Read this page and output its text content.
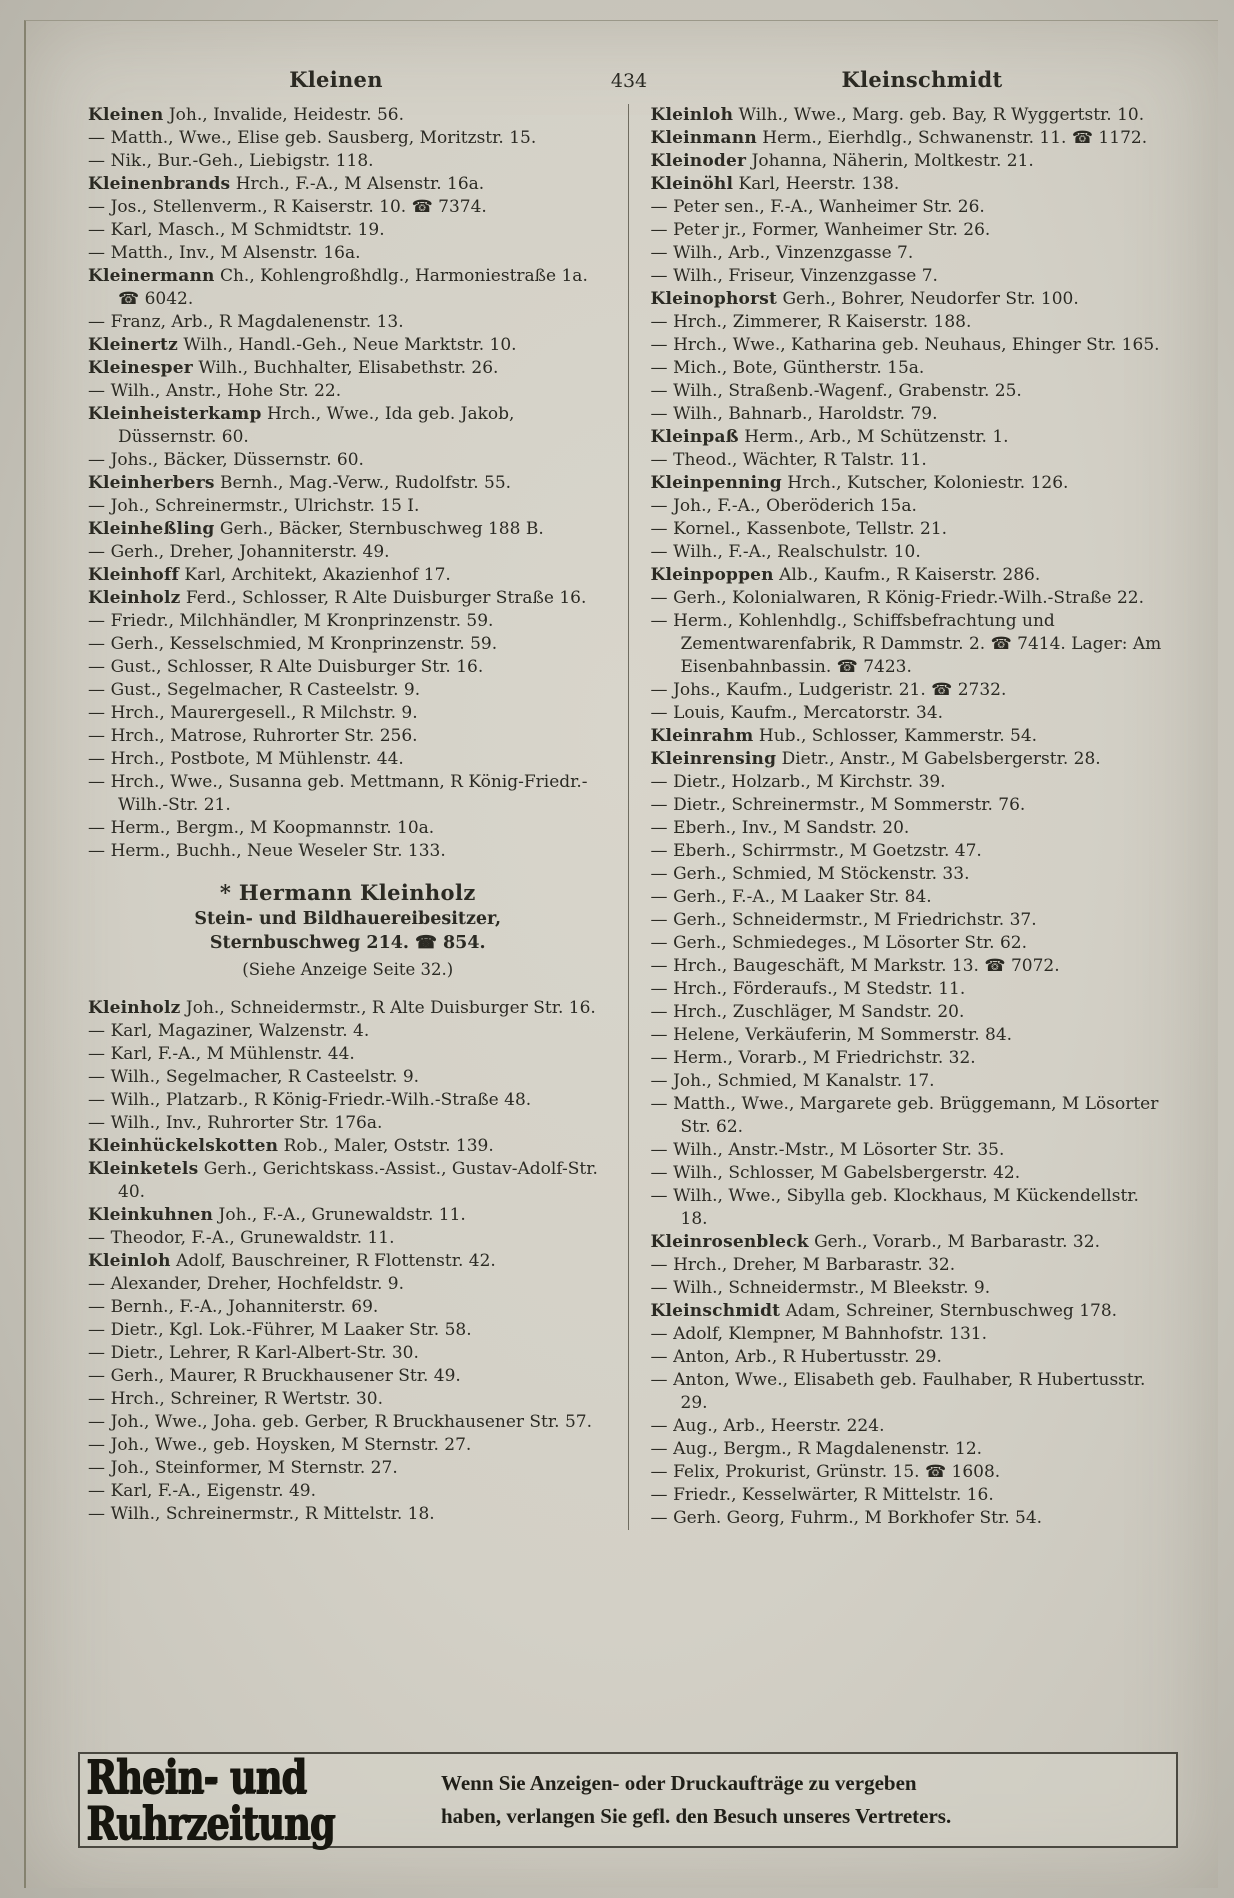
Kleinen	434	Kleinschmidt
Kleinen Joh., Invalide, Heidestr. 56.
— Matth., Wwe., Elise geb. Sausberg, Moritzstr. 15.
— Nik., Bur.-Geh., Liebigstr. 118.
Kleinenbrands Hrch., F.-A., M Alsenstr. 16a.
— Jos., Stellenverm., R Kaiserstr. 10. ☎ 7374.
— Karl, Masch., M Schmidtstr. 19.
— Matth., Inv., M Alsenstr. 16a.
Kleinermann Ch., Kohlengroßhdlg., Harmoniestraße 1a. ☎ 6042.
— Franz, Arb., R Magdalenenstr. 13.
Kleinertz Wilh., Handl.-Geh., Neue Marktstr. 10.
Kleinesper Wilh., Buchhalter, Elisabethstr. 26.
— Wilh., Anstr., Hohe Str. 22.
Kleinheisterkamp Hrch., Wwe., Ida geb. Jakob, Düssernstr. 60.
— Johs., Bäcker, Düssernstr. 60.
Kleinherbers Bernh., Mag.-Verw., Rudolfstr. 55.
— Joh., Schreinermstr., Ulrichstr. 15 I.
Kleinheßling Gerh., Bäcker, Sternbuschweg 188 B.
— Gerh., Dreher, Johanniterstr. 49.
Kleinhoff Karl, Architekt, Akazienhof 17.
Kleinholz Ferd., Schlosser, R Alte Duisburger Straße 16.
— Friedr., Milchhändler, M Kronprinzenstr. 59.
— Gerh., Kesselschmied, M Kronprinzenstr. 59.
— Gust., Schlosser, R Alte Duisburger Str. 16.
— Gust., Segelmacher, R Casteelstr. 9.
— Hrch., Maurergesell., R Milchstr. 9.
— Hrch., Matrose, Ruhrorter Str. 256.
— Hrch., Postbote, M Mühlenstr. 44.
— Hrch., Wwe., Susanna geb. Mettmann, R König-Friedr.-Wilh.-Str. 21.
— Herm., Bergm., M Koopmannstr. 10a.
— Herm., Buchh., Neue Weseler Str. 133.
* Hermann Kleinholz
Stein- und Bildhauereibesitzer,
Sternbuschweg 214. ☎ 854.
(Siehe Anzeige Seite 32.)
Kleinholz Joh., Schneidermstr., R Alte Duisburger Str. 16.
— Karl, Magaziner, Walzenstr. 4.
— Karl, F.-A., M Mühlenstr. 44.
— Wilh., Segelmacher, R Casteelstr. 9.
— Wilh., Platzarb., R König-Friedr.-Wilh.-Straße 48.
— Wilh., Inv., Ruhrorter Str. 176a.
Kleinhückelskotten Rob., Maler, Oststr. 139.
Kleinketels Gerh., Gerichtskass.-Assist., Gustav-Adolf-Str. 40.
Kleinkuhnen Joh., F.-A., Grunewaldstr. 11.
— Theodor, F.-A., Grunewaldstr. 11.
Kleinloh Adolf, Bauschreiner, R Flottenstr. 42.
— Alexander, Dreher, Hochfeldstr. 9.
— Bernh., F.-A., Johanniterstr. 69.
— Dietr., Kgl. Lok.-Führer, M Laaker Str. 58.
— Dietr., Lehrer, R Karl-Albert-Str. 30.
— Gerh., Maurer, R Bruckhausener Str. 49.
— Hrch., Schreiner, R Wertstr. 30.
— Joh., Wwe., Joha. geb. Gerber, R Bruckhausener Str. 57.
— Joh., Wwe., geb. Hoysken, M Sternstr. 27.
— Joh., Steinformer, M Sternstr. 27.
— Karl, F.-A., Eigenstr. 49.
— Wilh., Schreinermstr., R Mittelstr. 18.
Kleinloh Wilh., Wwe., Marg. geb. Bay, R Wyggertstr. 10.
Kleinmann Herm., Eierhdlg., Schwanenstr. 11. ☎ 1172.
Kleinoder Johanna, Näherin, Moltkestr. 21.
Kleinöhl Karl, Heerstr. 138.
— Peter sen., F.-A., Wanheimer Str. 26.
— Peter jr., Former, Wanheimer Str. 26.
— Wilh., Arb., Vinzenzgasse 7.
— Wilh., Friseur, Vinzenzgasse 7.
Kleinophorst Gerh., Bohrer, Neudorfer Str. 100.
— Hrch., Zimmerer, R Kaiserstr. 188.
— Hrch., Wwe., Katharina geb. Neuhaus, Ehinger Str. 165.
— Mich., Bote, Güntherstr. 15a.
— Wilh., Straßenb.-Wagenf., Grabenstr. 25.
— Wilh., Bahnarb., Haroldstr. 79.
Kleinpaß Herm., Arb., M Schützenstr. 1.
— Theod., Wächter, R Talstr. 11.
Kleinpenning Hrch., Kutscher, Koloniestr. 126.
— Joh., F.-A., Oberöderich 15a.
— Kornel., Kassenbote, Tellstr. 21.
— Wilh., F.-A., Realschulstr. 10.
Kleinpoppen Alb., Kaufm., R Kaiserstr. 286.
— Gerh., Kolonialwaren, R König-Friedr.-Wilh.-Straße 22.
— Herm., Kohlenhdlg., Schiffsbefrachtung und Zementwarenfabrik, R Dammstr. 2. ☎ 7414. Lager: Am Eisenbahnbassin. ☎ 7423.
— Johs., Kaufm., Ludgeristr. 21. ☎ 2732.
— Louis, Kaufm., Mercatorstr. 34.
Kleinrahm Hub., Schlosser, Kammerstr. 54.
Kleinrensing Dietr., Anstr., M Gabelsbergerstr. 28.
— Dietr., Holzarb., M Kirchstr. 39.
— Dietr., Schreinermstr., M Sommerstr. 76.
— Eberh., Inv., M Sandstr. 20.
— Eberh., Schirrmstr., M Goetzstr. 47.
— Gerh., Schmied, M Stöckenstr. 33.
— Gerh., F.-A., M Laaker Str. 84.
— Gerh., Schneidermstr., M Friedrichstr. 37.
— Gerh., Schmiedeges., M Lösorter Str. 62.
— Hrch., Baugeschäft, M Markstr. 13. ☎ 7072.
— Hrch., Förderaufs., M Stedstr. 11.
— Hrch., Zuschläger, M Sandstr. 20.
— Helene, Verkäuferin, M Sommerstr. 84.
— Herm., Vorarb., M Friedrichstr. 32.
— Joh., Schmied, M Kanalstr. 17.
— Matth., Wwe., Margarete geb. Brüggemann, M Lösorter Str. 62.
— Wilh., Anstr.-Mstr., M Lösorter Str. 35.
— Wilh., Schlosser, M Gabelsbergerstr. 42.
— Wilh., Wwe., Sibylla geb. Klockhaus, M Kückendellstr. 18.
Kleinrosenbleck Gerh., Vorarb., M Barbarastr. 32.
— Hrch., Dreher, M Barbarastr. 32.
— Wilh., Schneidermstr., M Bleekstr. 9.
Kleinschmidt Adam, Schreiner, Sternbuschweg 178.
— Adolf, Klempner, M Bahnhofstr. 131.
— Anton, Arb., R Hubertusstr. 29.
— Anton, Wwe., Elisabeth geb. Faulhaber, R Hubertusstr. 29.
— Aug., Arb., Heerstr. 224.
— Aug., Bergm., R Magdalenenstr. 12.
— Felix, Prokurist, Grünstr. 15. ☎ 1608.
— Friedr., Kesselwärter, R Mittelstr. 16.
— Gerh. Georg, Fuhrm., M Borkhofer Str. 54.
Rhein- und Ruhrzeitung
Wenn Sie Anzeigen- oder Druckaufträge zu vergeben
haben, verlangen Sie gefl. den Besuch unseres Vertreters.
